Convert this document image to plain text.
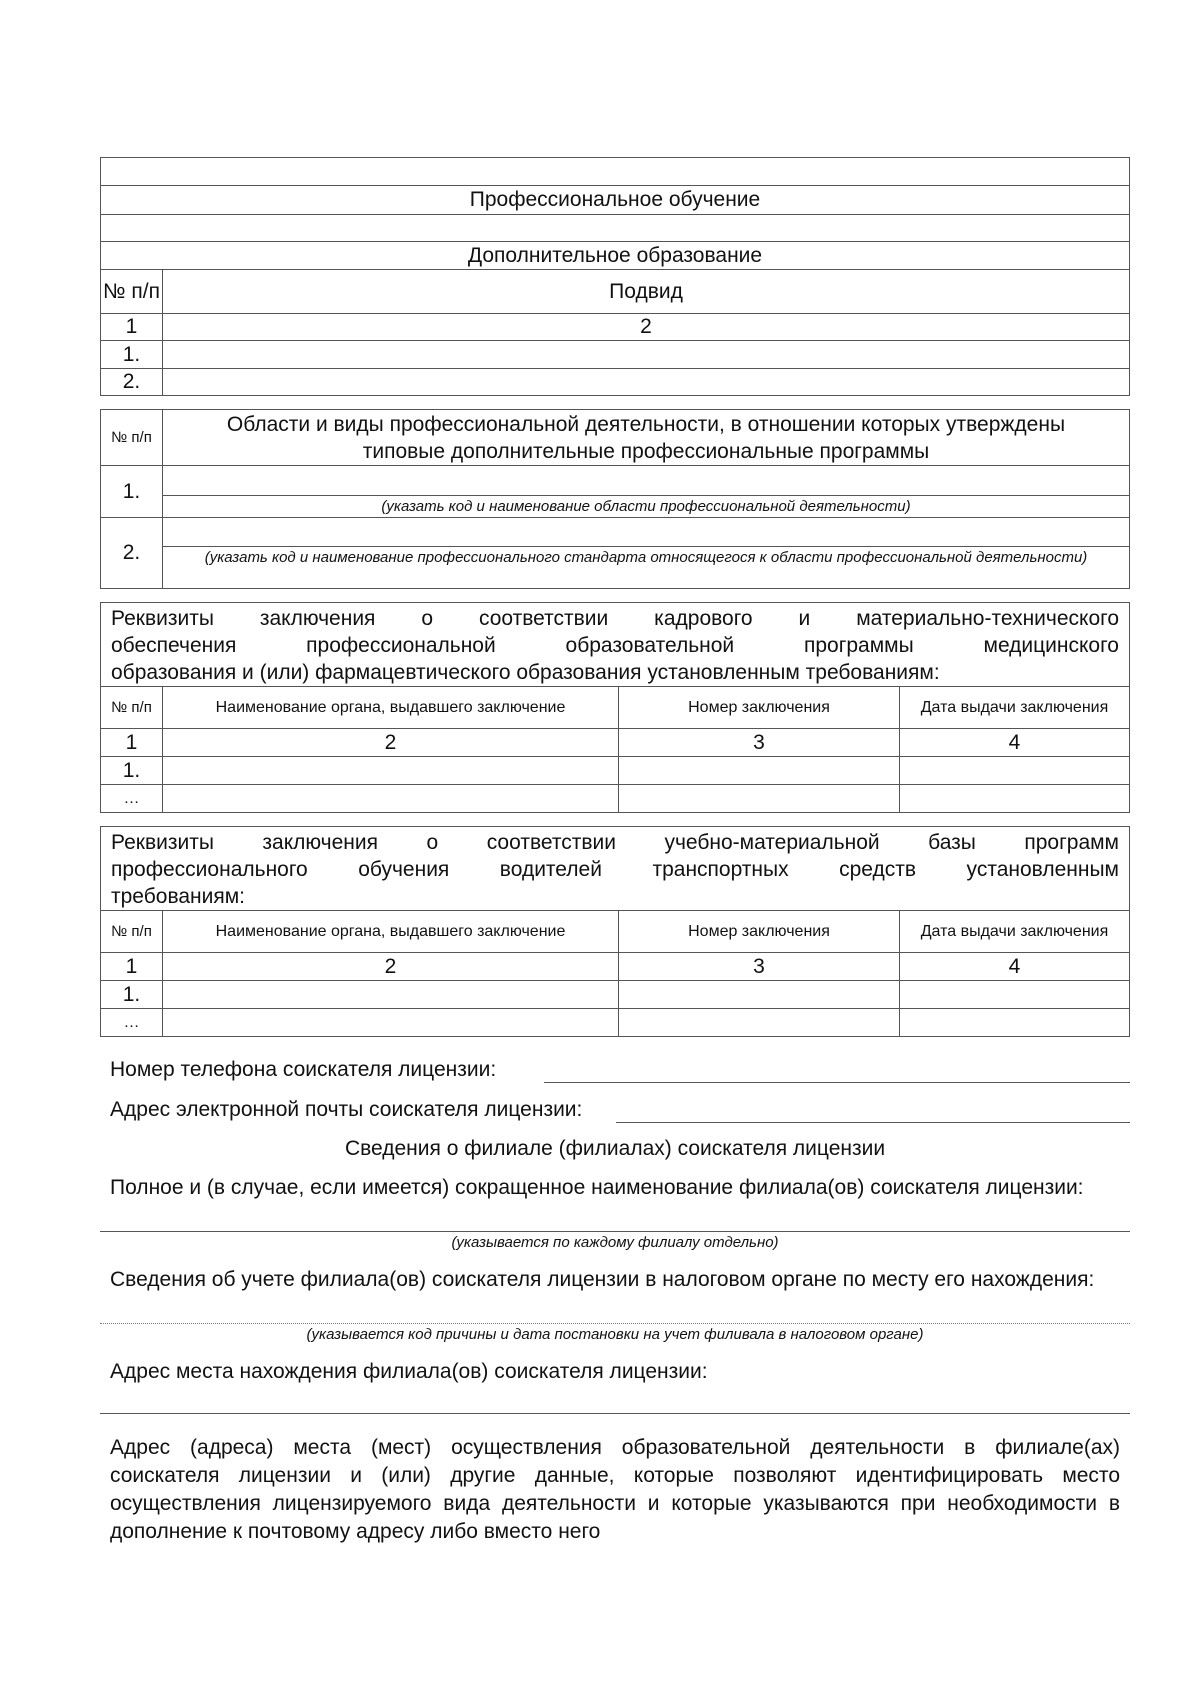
Профессиональное обучение	

Дополнительное образование	
№ п/п	Подвид
1	2
1.	
2.	
№ п/п	Области и виды профессиональной деятельности, в отношении которых утверждены типовые дополнительные профессиональные программы
1.	(указать код и наименование области профессиональной деятельности)

2.	(указать код и наименование профессионального стандарта относящегося к области профессиональной деятельности)
Реквизиты заключения о соответствии кадрового и материально-технического
обеспечения профессиональной образовательной программы медицинского
образования и (или) фармацевтического образования установленным требованиям:
№ п/п	Наименование органа, выдавшего заключение	Номер заключения	Дата выдачи заключения
1	2	3	4
1.			
…			
Реквизиты заключения о соответствии учебно-материальной базы программ
профессионального обучения водителей транспортных средств установленным
требованиям:
№ п/п	Наименование органа, выдавшего заключение	Номер заключения	Дата выдачи заключения
1	2	3	4
1.			
…			
Номер телефона соискателя лицензии:
Адрес электронной почты соискателя лицензии:
Сведения о филиале (филиалах) соискателя лицензии
Полное и (в случае, если имеется) сокращенное наименование филиала(ов) соискателя лицензии:
(указывается по каждому филиалу отдельно)
Сведения об учете филиала(ов) соискателя лицензии в налоговом органе по месту его нахождения:
(указывается код причины и дата постановки на учет филивала в налоговом органе)
Адрес места нахождения филиала(ов) соискателя лицензии:
Адрес (адреса) места (мест) осуществления образовательной деятельности в филиале(ах) соискателя лицензии и (или) другие данные, которые позволяют идентифицировать место осуществления лицензируемого вида деятельности и которые указываются при необходимости в дополнение к почтовому адресу либо вместо него
